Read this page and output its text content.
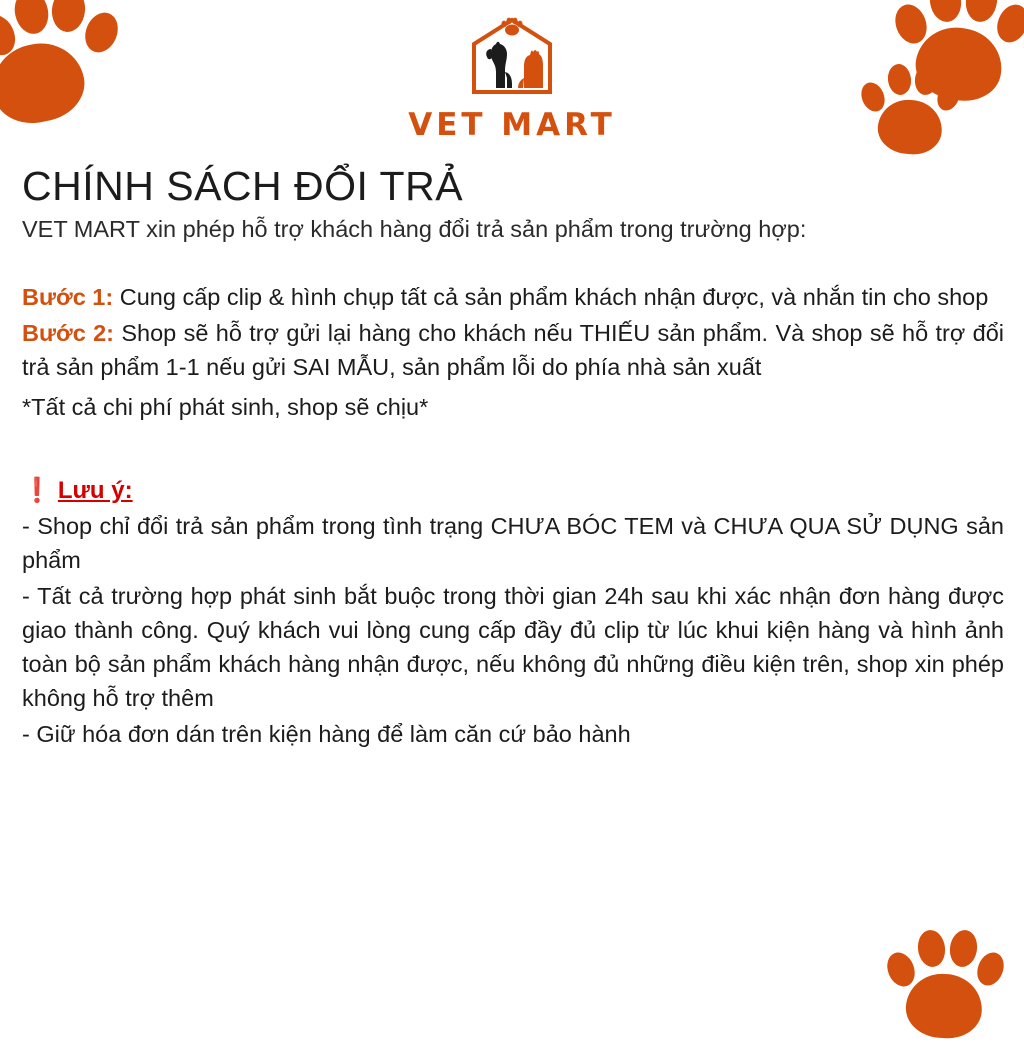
VET MART
CHÍNH SÁCH ĐỔI TRẢ

VET MART xin phép hỗ trợ khách hàng đổi trả sản phẩm trong trường hợp:

Bước 1: Cung cấp clip & hình chụp tất cả sản phẩm khách nhận được, và nhắn tin cho shop

Bước 2: Shop sẽ hỗ trợ gửi lại hàng cho khách nếu THIẾU sản phẩm. Và shop sẽ hỗ trợ đổi trả sản phẩm 1-1 nếu gửi SAI MẪU, sản phẩm lỗi do phía nhà sản xuất

*Tất cả chi phí phát sinh, shop sẽ chịu*

❗ Lưu ý:

- Shop chỉ đổi trả sản phẩm trong tình trạng CHƯA BÓC TEM và CHƯA QUA SỬ DỤNG sản phẩm

- Tất cả trường hợp phát sinh bắt buộc trong thời gian 24h sau khi xác nhận đơn hàng được giao thành công. Quý khách vui lòng cung cấp đầy đủ clip từ lúc khui kiện hàng và hình ảnh toàn bộ sản phẩm khách hàng nhận được, nếu không đủ những điều kiện trên, shop xin phép không hỗ trợ thêm

- Giữ hóa đơn dán trên kiện hàng để làm căn cứ bảo hành
